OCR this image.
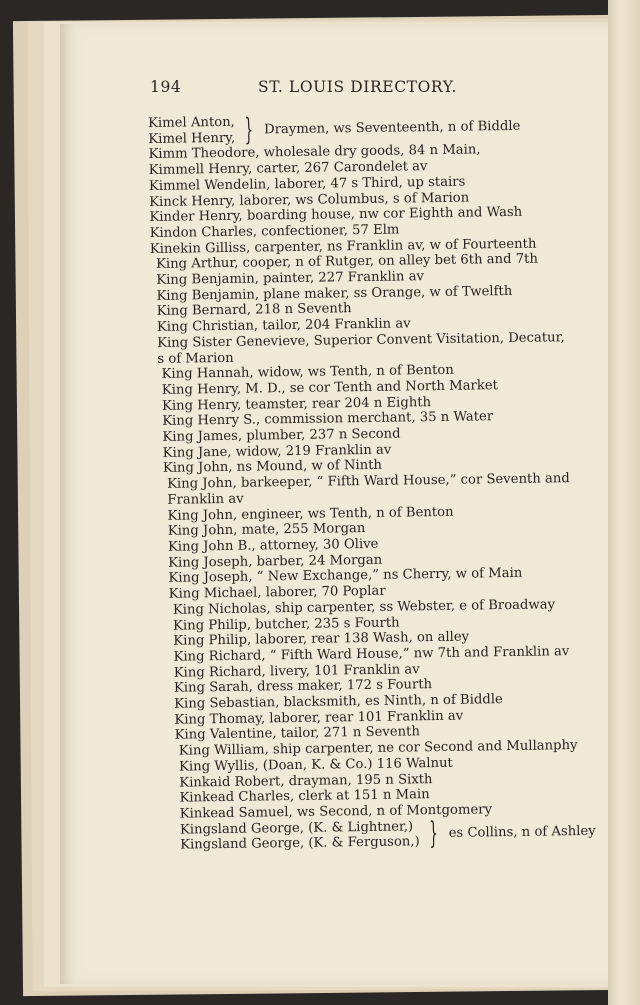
194	ST. LOUIS DIRECTORY.
Kimel Anton,
Kimel Henry, } Draymen, ws Seventeenth, n of Biddle
Kimm Theodore, wholesale dry goods, 84 n Main,
Kimmell Henry, carter, 267 Carondelet av
Kimmel Wendelin, laborer, 47 s Third, up stairs
Kinck Henry, laborer, ws Columbus, s of Marion
Kinder Henry, boarding house, nw cor Eighth and Wash
Kindon Charles, confectioner, 57 Elm
Kinekin Gilliss, carpenter, ns Franklin av, w of Fourteenth
King Arthur, cooper, n of Rutger, on alley bet 6th and 7th
King Benjamin, painter, 227 Franklin av
King Benjamin, plane maker, ss Orange, w of Twelfth
King Bernard, 218 n Seventh
King Christian, tailor, 204 Franklin av
King Sister Genevieve, Superior Convent Visitation, Decatur,
s of Marion
King Hannah, widow, ws Tenth, n of Benton
King Henry, M. D., se cor Tenth and North Market
King Henry, teamster, rear 204 n Eighth
King Henry S., commission merchant, 35 n Water
King James, plumber, 237 n Second
King Jane, widow, 219 Franklin av
King John, ns Mound, w of Ninth
King John, barkeeper, “ Fifth Ward House,” cor Seventh and
Franklin av
King John, engineer, ws Tenth, n of Benton
King John, mate, 255 Morgan
King John B., attorney, 30 Olive
King Joseph, barber, 24 Morgan
King Joseph, “ New Exchange,” ns Cherry, w of Main
King Michael, laborer, 70 Poplar
King Nicholas, ship carpenter, ss Webster, e of Broadway
King Philip, butcher, 235 s Fourth
King Philip, laborer, rear 138 Wash, on alley
King Richard, “ Fifth Ward House,” nw 7th and Franklin av
King Richard, livery, 101 Franklin av
King Sarah, dress maker, 172 s Fourth
King Sebastian, blacksmith, es Ninth, n of Biddle
King Thomay, laborer, rear 101 Franklin av
King Valentine, tailor, 271 n Seventh
King William, ship carpenter, ne cor Second and Mullanphy
King Wyllis, (Doan, K. & Co.) 116 Walnut
Kinkaid Robert, drayman, 195 n Sixth
Kinkead Charles, clerk at 151 n Main
Kinkead Samuel, ws Second, n of Montgomery
Kingsland George, (K. & Lightner,)
Kingsland George, (K. & Ferguson,) } es Collins, n of Ashley
